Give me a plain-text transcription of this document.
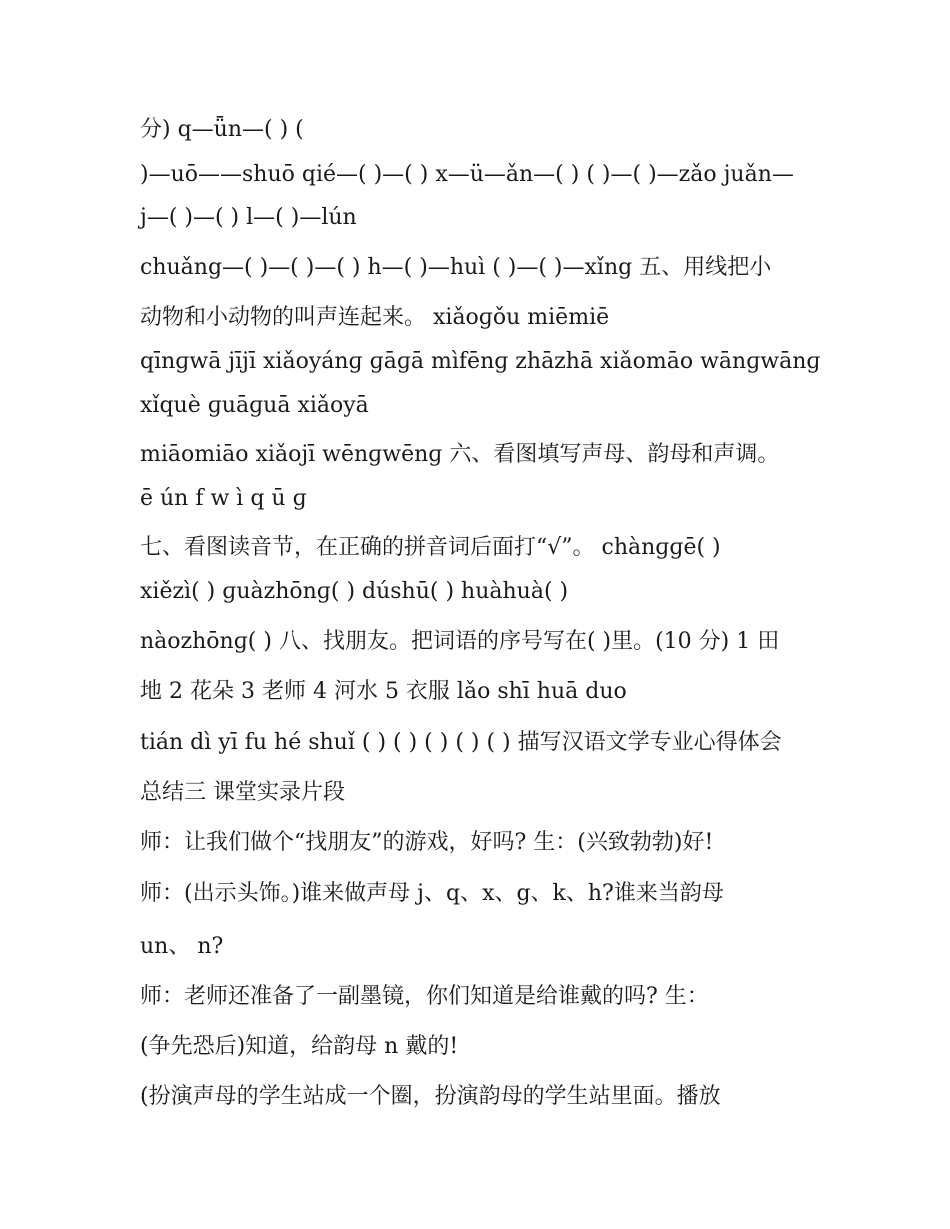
分) q—ǖn—( ) (

)—uō——shuō qié—( )—( ) x—ü—ǎn—( ) ( )—( )—zǎo juǎn—

j—( )—( ) l—( )—lún

chuǎng—( )—( )—( ) h—( )—huì ( )—( )—xǐng 五、用线把小

动物和小动物的叫声连起来。 xiǎoɡǒu miēmiē

qīnɡwā jījī xiǎoyánɡ ɡāɡā mìfēnɡ zhāzhā xiǎomāo wānɡwānɡ

xǐquè ɡuāɡuā xiǎoyā

miāomiāo xiǎojī wēnɡwēnɡ 六、看图填写声母、韵母和声调。

ē ún f w ì q ū ɡ

七、看图读音节，在正确的拼音词后面打“√”。 chànɡɡē( )

xiězì( ) ɡuàzhōnɡ( ) dúshū( ) huàhuà( )

nàozhōnɡ( ) 八、找朋友。把词语的序号写在( )里。(10 分) 1 田

地 2 花朵 3 老师 4 河水 5 衣服 lǎo shī huā duo

tián dì yī fu hé shuǐ ( ) ( ) ( ) ( ) ( ) 描写汉语文学专业心得体会

总结三 课堂实录片段

师：让我们做个“找朋友”的游戏，好吗? 生：(兴致勃勃)好!

师：(出示头饰。)谁来做声母 j、q、x、g、k、h?谁来当韵母

un、 n?

师：老师还准备了一副墨镜，你们知道是给谁戴的吗? 生：

(争先恐后)知道，给韵母 n 戴的!

(扮演声母的学生站成一个圈，扮演韵母的学生站里面。播放
